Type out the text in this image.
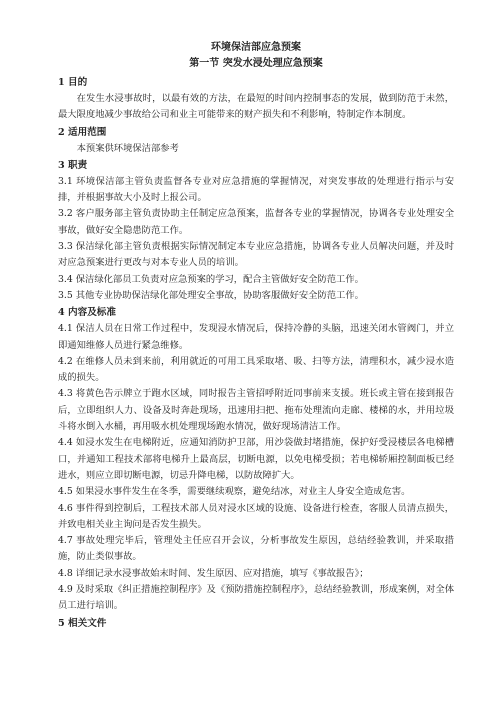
环境保洁部应急预案

第一节 突发水浸处理应急预案

1 目的

在发生水浸事故时，以最有效的方法，在最短的时间内控制事态的发展，做到防范于未然，最大限度地减少事故给公司和业主可能带来的财产损失和不利影响，特制定作本制度。

2 适用范围

本预案供环境保洁部参考

3 职责

3.1 环境保洁部主管负责监督各专业对应急措施的掌握情况，对突发事故的处理进行指示与安排，并根据事故大小及时上报公司。

3.2 客户服务部主管负责协助主任制定应急预案，监督各专业的掌握情况，协调各专业处理安全事故，做好安全隐患防范工作。

3.3 保洁绿化部主管负责根据实际情况制定本专业应急措施，协调各专业人员解决问题，并及时对应急预案进行更改与对本专业人员的培训。

3.4 保洁绿化部员工负责对应急预案的学习，配合主管做好安全防范工作。

3.5 其他专业协助保洁绿化部处理安全事故，协助客服做好安全防范工作。

4 内容及标准

4.1 保洁人员在日常工作过程中，发现浸水情况后，保持冷静的头脑，迅速关闭水管阀门，并立即通知维修人员进行紧急维修。

4.2 在维修人员未到来前，利用就近的可用工具采取堵、吸、扫等方法，清理积水，减少浸水造成的损失。

4.3 将黄色告示牌立于跑水区域，同时报告主管招呼附近同事前来支援。班长或主管在接到报告后，立即组织人力、设备及时奔赴现场，迅速用扫把、拖布处理流向走廊、楼梯的水，并用垃圾斗将水倒入水桶，再用吸水机处理现场跑水情况，做好现场清洁工作。

4.4 如浸水发生在电梯附近，应通知消防护卫部，用沙袋做封堵措施，保护好受浸楼层各电梯槽口，并通知工程技术部将电梯升上最高层，切断电源，以免电梯受损；若电梯轿厢控制面板已经进水，则应立即切断电源，切忌升降电梯，以防故障扩大。

4.5 如果浸水事件发生在冬季，需要继续观察，避免结冰，对业主人身安全造成危害。

4.6 事件得到控制后，工程技术部人员对浸水区域的设施、设备进行检查，客服人员清点损失，并致电相关业主询问是否发生损失。

4.7 事故处理完毕后，管理处主任应召开会议，分析事故发生原因，总结经验教训，并采取措施，防止类似事故。

4.8 详细记录水浸事故始末时间、发生原因、应对措施，填写《事故报告》；

4.9 及时采取《纠正措施控制程序》及《预防措施控制程序》，总结经验教训，形成案例，对全体员工进行培训。

5 相关文件
